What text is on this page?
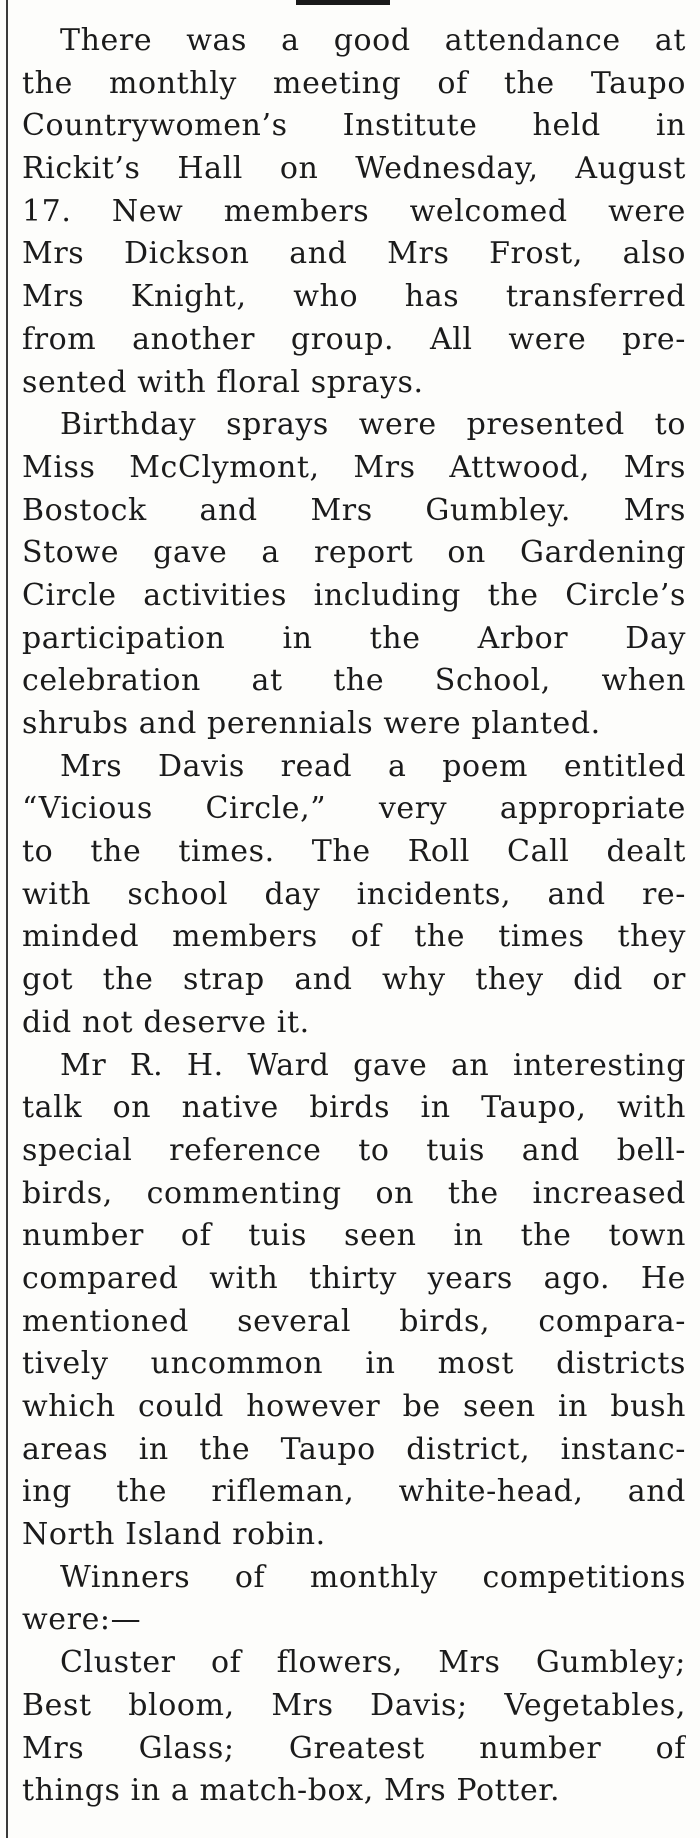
There was a good attendance at
the monthly meeting of the Taupo
Countrywomen’s Institute held in
Rickit’s Hall on Wednesday, August
17. New members welcomed were
Mrs Dickson and Mrs Frost, also
Mrs Knight, who has transferred
from another group. All were pre-
sented with floral sprays.
Birthday sprays were presented to
Miss McClymont, Mrs Attwood, Mrs
Bostock and Mrs Gumbley. Mrs
Stowe gave a report on Gardening
Circle activities including the Circle’s
participation in the Arbor Day
celebration at the School, when
shrubs and perennials were planted.
Mrs Davis read a poem entitled
“Vicious Circle,” very appropriate
to the times. The Roll Call dealt
with school day incidents, and re-
minded members of the times they
got the strap and why they did or
did not deserve it.
Mr R. H. Ward gave an interesting
talk on native birds in Taupo, with
special reference to tuis and bell-
birds, commenting on the increased
number of tuis seen in the town
compared with thirty years ago. He
mentioned several birds, compara-
tively uncommon in most districts
which could however be seen in bush
areas in the Taupo district, instanc-
ing the rifleman, white-head, and
North Island robin.
Winners of monthly competitions
were:—
Cluster of flowers, Mrs Gumbley;
Best bloom, Mrs Davis; Vegetables,
Mrs Glass; Greatest number of
things in a match-box, Mrs Potter.
